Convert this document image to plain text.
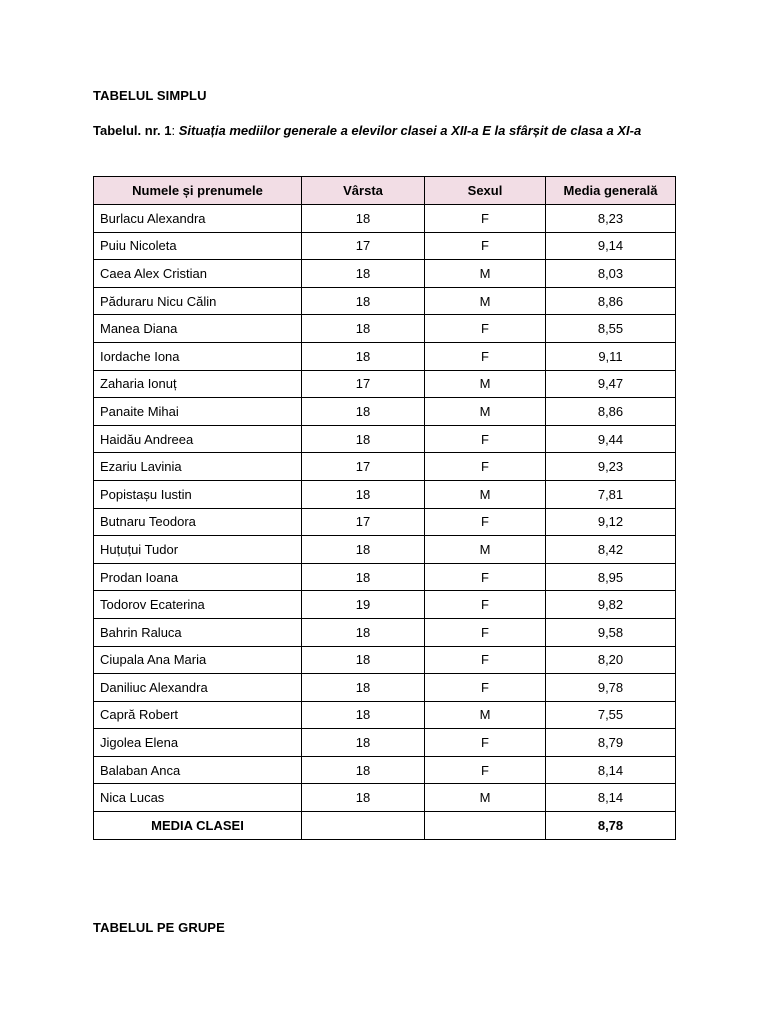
TABELUL SIMPLU
Tabelul. nr. 1: Situația mediilor generale a elevilor clasei a XII-a E la sfârșit de clasa a XI-a
Numele și prenumele	Vârsta	Sexul	Media generală
Burlacu Alexandra	18	F	8,23
Puiu Nicoleta	17	F	9,14
Caea Alex Cristian	18	M	8,03
Păduraru Nicu Călin	18	M	8,86
Manea Diana	18	F	8,55
Iordache Iona	18	F	9,11
Zaharia Ionuț	17	M	9,47
Panaite Mihai	18	M	8,86
Haidău Andreea	18	F	9,44
Ezariu Lavinia	17	F	9,23
Popistașu Iustin	18	M	7,81
Butnaru Teodora	17	F	9,12
Huțuțui Tudor	18	M	8,42
Prodan Ioana	18	F	8,95
Todorov Ecaterina	19	F	9,82
Bahrin Raluca	18	F	9,58
Ciupala Ana Maria	18	F	8,20
Daniliuc Alexandra	18	F	9,78
Capră Robert	18	M	7,55
Jigolea Elena	18	F	8,79
Balaban Anca	18	F	8,14
Nica Lucas	18	M	8,14
MEDIA CLASEI			8,78
TABELUL PE GRUPE
